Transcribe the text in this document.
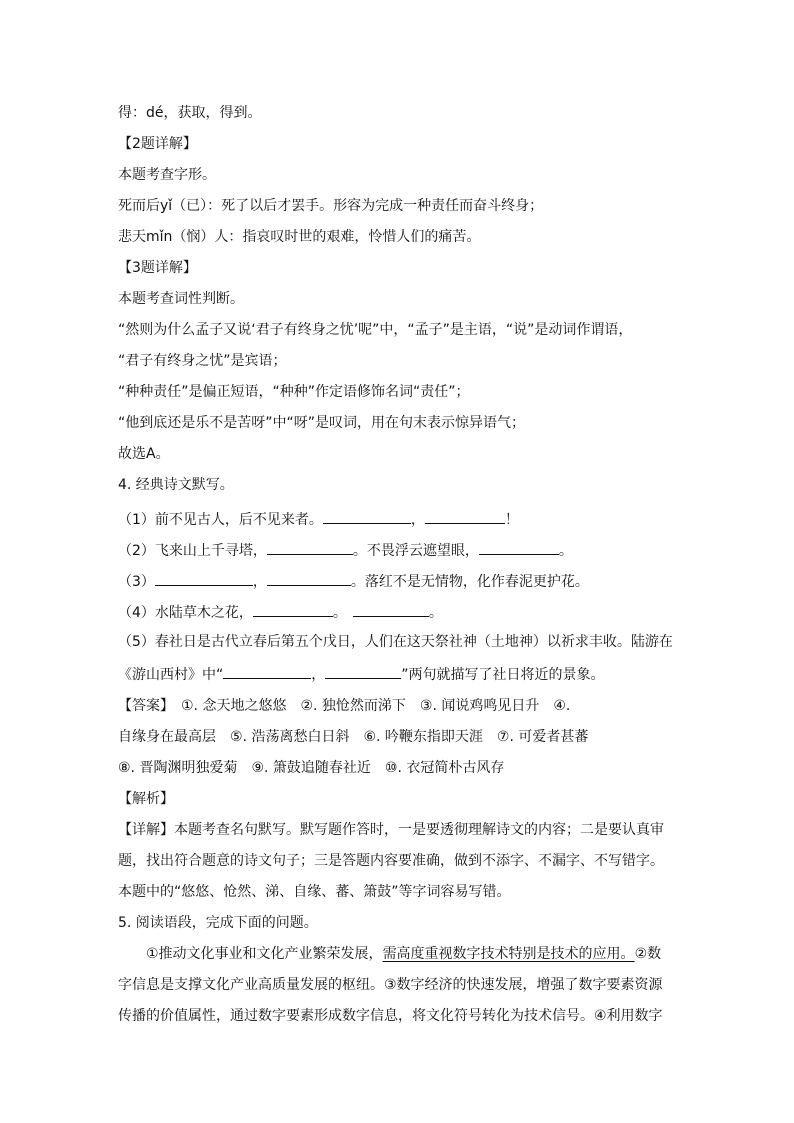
得：dé，获取，得到。
【2题详解】
本题考查字形。
死而后yǐ（已）：死了以后才罢手。形容为完成一种责任而奋斗终身；
悲天mǐn（悯）人：指哀叹时世的艰难，怜惜人们的痛苦。
【3题详解】
本题考查词性判断。
“然则为什么孟子又说‘君子有终身之忧’呢”中，“孟子”是主语，“说”是动词作谓语，
“君子有终身之忧”是宾语；
“种种责任”是偏正短语，“种种”作定语修饰名词“责任”；
“他到底还是乐不是苦呀”中“呀”是叹词，用在句末表示惊异语气；
故选A。
4. 经典诗文默写。
（1）前不见古人，后不见来者。	，	！
（2）飞来山上千寻塔，	。不畏浮云遮望眼，	。
（3）	，	。落红不是无情物，化作春泥更护花。
（4）水陆草木之花，	。	。
（5）春社日是古代立春后第五个戊日，人们在这天祭社神（土地神）以祈求丰收。陆游在
《游山西村》中“	，	”两句就描写了社日将近的景象。
【答案】　①. 念天地之悠悠　②. 独怆然而涕下　③. 闻说鸡鸣见日升　④.
自缘身在最高层　⑤. 浩荡离愁白日斜　⑥. 吟鞭东指即天涯　⑦. 可爱者甚蕃
⑧. 晋陶渊明独爱菊　⑨. 箫鼓追随春社近　⑩. 衣冠简朴古风存
【解析】
【详解】本题考查名句默写。默写题作答时，一是要透彻理解诗文的内容；二是要认真审
题，找出符合题意的诗文句子；三是答题内容要准确，做到不添字、不漏字、不写错字。
本题中的“悠悠、怆然、涕、自缘、蕃、箫鼓”等字词容易写错。
5. 阅读语段，完成下面的问题。
①推动文化事业和文化产业繁荣发展，需高度重视数字技术特别是技术的应用。②数
字信息是支撑文化产业高质量发展的枢纽。③数字经济的快速发展，增强了数字要素资源
传播的价值属性，通过数字要素形成数字信息，将文化符号转化为技术信号。④利用数字
